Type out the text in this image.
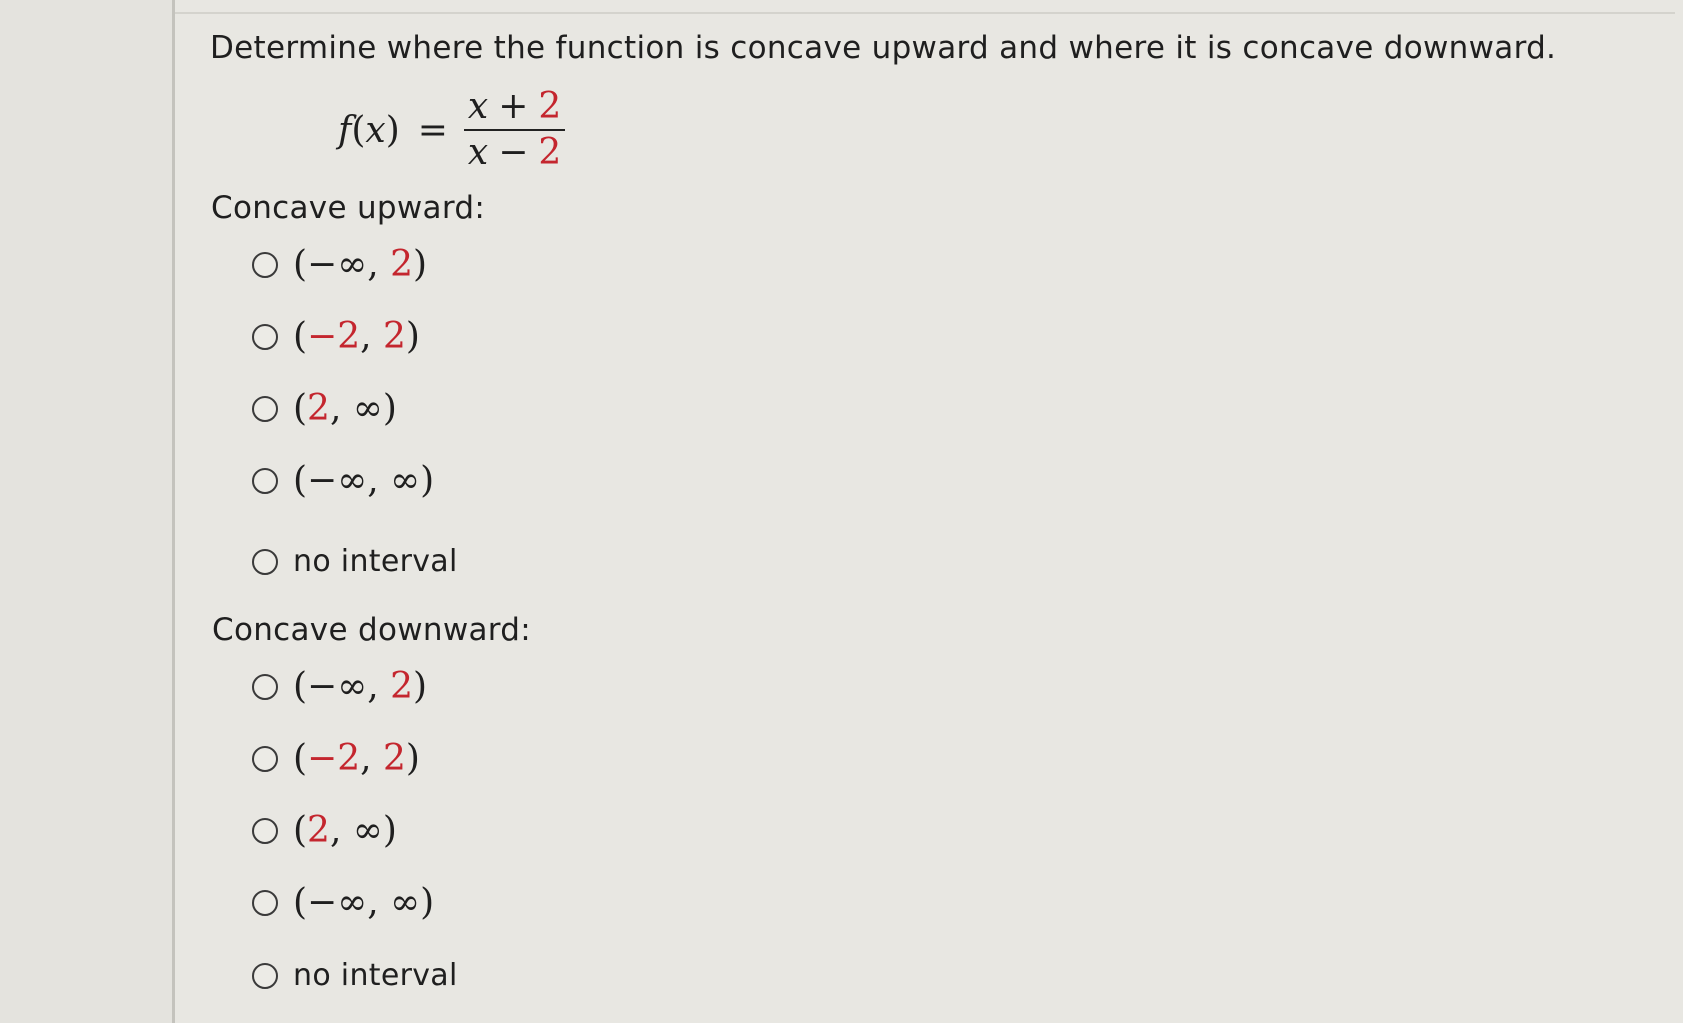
Determine where the function is concave upward and where it is concave downward.
f ( x ) = $\frac{x + 2}{x - 2}$
Concave upward:
(−∞, 2)
(−2, 2)
(2, ∞)
(−∞, ∞)
no interval
Concave downward:
(−∞, 2)
(−2, 2)
(2, ∞)
(−∞, ∞)
no interval
